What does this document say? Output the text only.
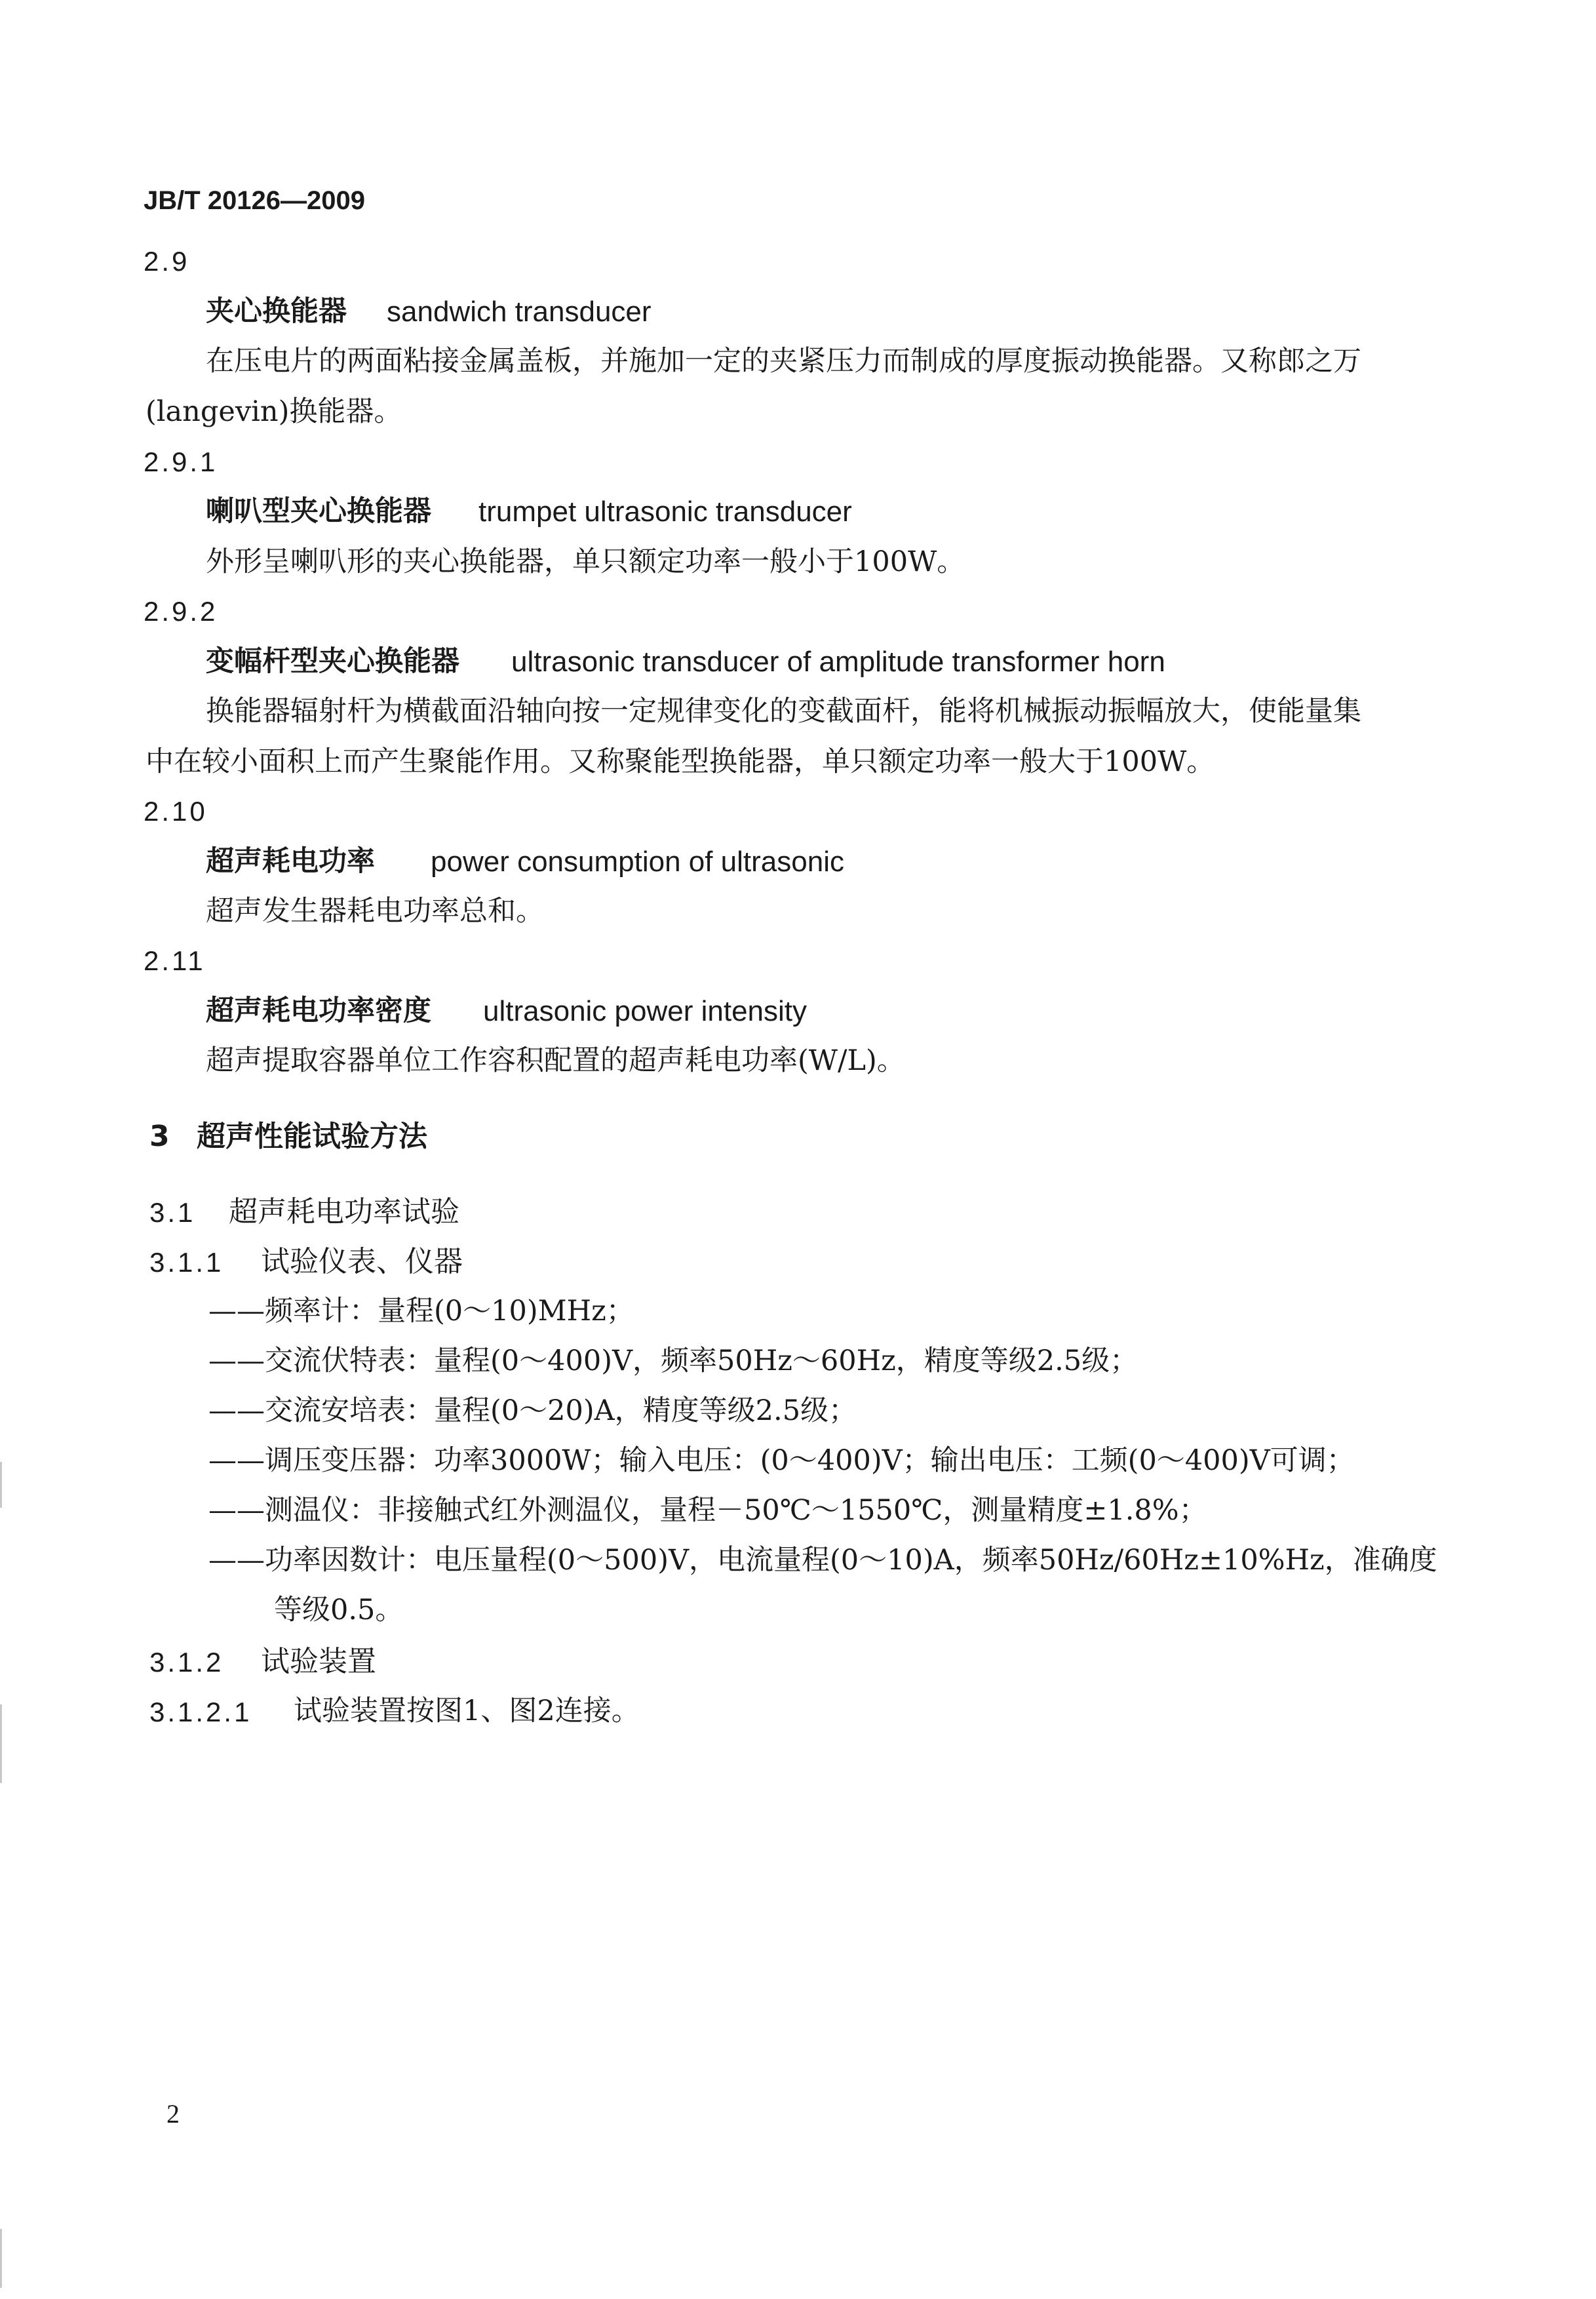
JB/T 20126—2009
2.9
夹心换能器 sandwich transducer
在压电片的两面粘接金属盖板，并施加一定的夹紧压力而制成的厚度振动换能器。又称郎之万
(langevin)换能器。
2.9.1
喇叭型夹心换能器 trumpet ultrasonic transducer
外形呈喇叭形的夹心换能器，单只额定功率一般小于100W。
2.9.2
变幅杆型夹心换能器 ultrasonic transducer of amplitude transformer horn
换能器辐射杆为横截面沿轴向按一定规律变化的变截面杆，能将机械振动振幅放大，使能量集
中在较小面积上而产生聚能作用。又称聚能型换能器，单只额定功率一般大于100W。
2.10
超声耗电功率 power consumption of ultrasonic
超声发生器耗电功率总和。
2.11
超声耗电功率密度 ultrasonic power intensity
超声提取容器单位工作容积配置的超声耗电功率(W/L)。
3 超声性能试验方法
3.1 超声耗电功率试验
3.1.1 试验仪表、仪器
——频率计：量程(0～10)MHz；
——交流伏特表：量程(0～400)V，频率50Hz～60Hz，精度等级2.5级；
——交流安培表：量程(0～20)A，精度等级2.5级；
——调压变压器：功率3000W；输入电压：(0～400)V；输出电压：工频(0～400)V可调；
——测温仪：非接触式红外测温仪，量程－50℃～1550℃，测量精度±1.8%；
——功率因数计：电压量程(0～500)V，电流量程(0～10)A，频率50Hz/60Hz±10%Hz，准确度
等级0.5。
3.1.2 试验装置
3.1.2.1 试验装置按图1、图2连接。
2
